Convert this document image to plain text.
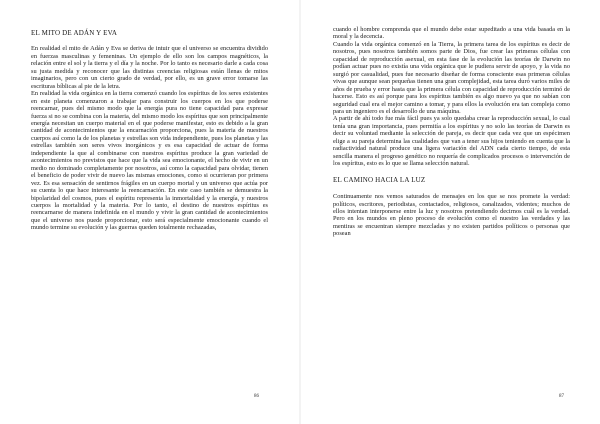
EL MITO DE ADÁN Y EVA

En realidad el mito de Adán y Eva se deriva de intuir que el universo se encuentra dividido en fuerzas masculinas y femeninas. Un ejemplo de ello son los campos magnéticos, la relación entre el sol y la tierra y el día y la noche. Por lo tanto es necesario darle a cada cosa su justa medida y reconocer que las distintas creencias religiosas están llenas de mitos imaginarios, pero con un cierto grado de verdad, por ello, es un grave error tomarse las escrituras bíblicas al pie de la letra.

En realidad la vida orgánica en la tierra comenzó cuando los espíritus de los seres existentes en este planeta comenzaron a trabajar para construir los cuerpos en los que poderse reencarnar, pues del mismo modo que la energía pura no tiene capacidad para expresar fuerza si no se combina con la materia, del mismo modo los espíritus que son principalmente energía necesitan un cuerpo material en el que poderse manifestar, esto es debido a la gran cantidad de acontecimientos que la encarnación proporciona, pues la materia de nuestros cuerpos así como la de los planetas y estrellas son vida independiente, pues los planetas y las estrellas también son seres vivos inorgánicos y es esa capacidad de actuar de forma independiente la que al combinarse con nuestros espíritus produce la gran variedad de acontecimientos no previstos que hace que la vida sea emocionante, el hecho de vivir en un medio no dominado completamente por nosotros, así como la capacidad para olvidar, tienen el beneficio de poder vivir de nuevo las mismas emociones, como si ocurrieran por primera vez. Es esa sensación de sentirnos frágiles en un cuerpo mortal y un universo que actúa por su cuenta lo que hace interesante la reencarnación. En este caso también se demuestra la bipolaridad del cosmos, pues el espíritu representa la inmortalidad y la energía, y nuestros cuerpos la mortalidad y la materia. Por lo tanto, el destino de nuestros espíritus es reencarnarse de manera indefinida en el mundo y vivir la gran cantidad de acontecimientos que el universo nos puede proporcionar, esto será especialmente emocionante cuando el mundo termine su evolución y las guerras queden totalmente rechazadas,

86

cuando el hombre comprenda que el mundo debe estar supeditado a una vida basada en la moral y la decencia.

Cuando la vida orgánica comenzó en la Tierra, la primera tarea de los espíritus es decir de nosotros, pues nosotros también somos parte de Dios, fue crear las primeras células con capacidad de reproducción asexual, en esta fase de la evolución las teorías de Darwin no podían actuar pues no existía una vida orgánica que le pudiera servir de apoyo, y la vida no surgió por casualidad, pues fue necesario diseñar de forma consciente esas primeras células vivas que aunque sean pequeñas tienen una gran complejidad, esta tarea duró varios miles de años de prueba y error hasta que la primera célula con capacidad de reproducción terminó de hacerse. Esto es así porque para los espíritus también es algo nuevo ya que no sabían con seguridad cual era el mejor camino a tomar, y para ellos la evolución era tan compleja como para un ingeniero es el desarrollo de una máquina.

A partir de ahí todo fue más fácil pues ya solo quedaba crear la reproducción sexual, lo cual tenía una gran importancia, pues permitía a los espíritus y no solo las teorías de Darwin es decir su voluntad mediante la selección de pareja, es decir que cada vez que un espécimen elige a su pareja determina las cualidades que van a tener sus hijos teniendo en cuenta que la radiactividad natural produce una ligera variación del ADN cada cierto tiempo, de esta sencilla manera el progreso genético no requería de complicados procesos o intervención de los espíritus, esto es lo que se llama selección natural.

EL CAMINO HACIA LA LUZ

Continuamente nos vemos saturados de mensajes en los que se nos promete la verdad: políticos, escritores, periodistas, contactados, religiosos, canalizados, videntes; muchos de ellos intentan interponerse entre la luz y nosotros pretendiendo decirnos cuál es la verdad. Pero en los mundos en pleno proceso de evolución como el nuestro las verdades y las mentiras se encuentran siempre mezcladas y no existen partidos políticos o personas que posean

87
